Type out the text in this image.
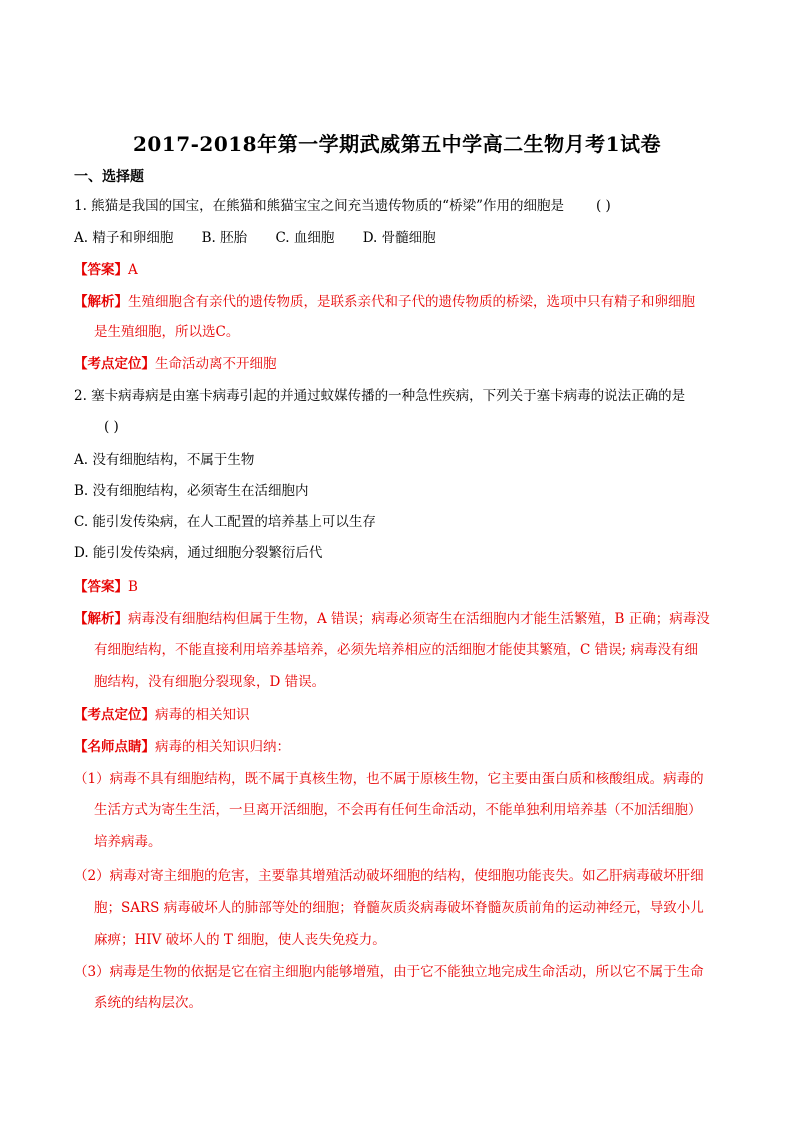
2017-2018年第一学期武威第五中学高二生物月考1试卷
一、选择题
1. 熊猫是我国的国宝，在熊猫和熊猫宝宝之间充当遗传物质的“桥梁”作用的细胞是 ( )
A. 精子和卵细胞 B. 胚胎 C. 血细胞 D. 骨髓细胞
【答案】A
【解析】生殖细胞含有亲代的遗传物质，是联系亲代和子代的遗传物质的桥梁，选项中只有精子和卵细胞
是生殖细胞，所以选C。
【考点定位】生命活动离不开细胞
2. 塞卡病毒病是由塞卡病毒引起的并通过蚊媒传播的一种急性疾病，下列关于塞卡病毒的说法正确的是
( )
A. 没有细胞结构，不属于生物
B. 没有细胞结构，必须寄生在活细胞内
C. 能引发传染病，在人工配置的培养基上可以生存
D. 能引发传染病，通过细胞分裂繁衍后代
【答案】B
【解析】病毒没有细胞结构但属于生物，A 错误；病毒必须寄生在活细胞内才能生活繁殖，B 正确；病毒没
有细胞结构，不能直接利用培养基培养，必须先培养相应的活细胞才能使其繁殖，C 错误; 病毒没有细
胞结构，没有细胞分裂现象，D 错误。
【考点定位】病毒的相关知识
【名师点睛】病毒的相关知识归纳：
（1）病毒不具有细胞结构，既不属于真核生物，也不属于原核生物，它主要由蛋白质和核酸组成。病毒的
生活方式为寄生生活，一旦离开活细胞，不会再有任何生命活动，不能单独利用培养基（不加活细胞）
培养病毒。
（2）病毒对寄主细胞的危害，主要靠其增殖活动破坏细胞的结构，使细胞功能丧失。如乙肝病毒破坏肝细
胞；SARS 病毒破坏人的肺部等处的细胞；脊髓灰质炎病毒破坏脊髓灰质前角的运动神经元，导致小儿
麻痹；HIV 破坏人的 T 细胞，使人丧失免疫力。
（3）病毒是生物的依据是它在宿主细胞内能够增殖，由于它不能独立地完成生命活动，所以它不属于生命
系统的结构层次。
